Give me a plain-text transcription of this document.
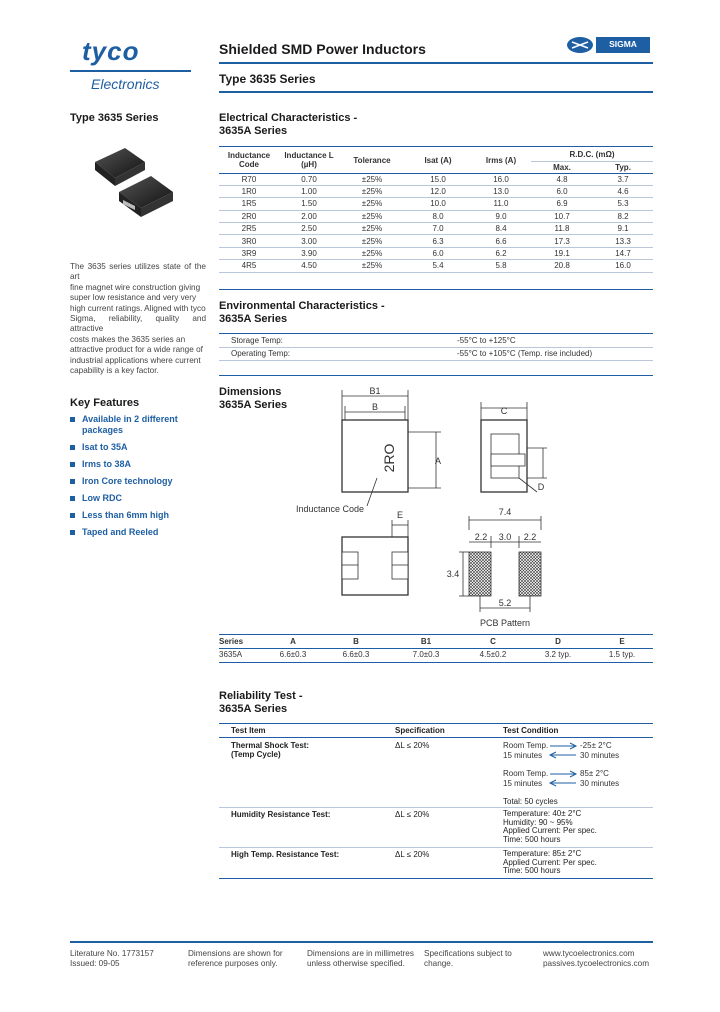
tyco
Electronics
Shielded SMD Power Inductors	SIGMA
Type 3635 Series
Type 3635 Series
The 3635 series utilizes state of the art
fine magnet wire construction giving
super low resistance and very very
high current ratings. Aligned with tyco
Sigma, reliability, quality and attractive
costs makes the 3635 series an
attractive product for a wide range of
industrial applications where current
capability is a key factor.
Key Features
Available in 2 different packages
Isat to 35A
Irms to 38A
Iron Core technology
Low RDC
Less than 6mm high
Taped and Reeled
Electrical Characteristics -
3635A Series
Inductance Code	Inductance L (µH)	Tolerance	Isat (A)	Irms (A)	R.D.C. (mΩ)	
					Max.	Typ.
R70	0.70	±25%	15.0	16.0	4.8	3.7
1R0	1.00	±25%	12.0	13.0	6.0	4.6
1R5	1.50	±25%	10.0	11.0	6.9	5.3
2R0	2.00	±25%	8.0	9.0	10.7	8.2
2R5	2.50	±25%	7.0	8.4	11.8	9.1
3R0	3.00	±25%	6.3	6.6	17.3	13.3
3R9	3.90	±25%	6.0	6.2	19.1	14.7
4R5	4.50	±25%	5.4	5.8	20.8	16.0
Environmental Characteristics -
3635A Series
Storage Temp:	-55°C to +125°C
Operating Temp:	-55°C to +105°C (Temp. rise included)
Dimensions
3635A Series
B1
B
A
2RO
Inductance Code
C
D
E	7.4
2.2 3.0 2.2
3.4
5.2
PCB Pattern
Series	A	B	B1	C	D	E
3635A	6.6±0.3	6.6±0.3	7.0±0.3	4.5±0.2	3.2 typ.	1.5 typ.
Reliability Test -
3635A Series
Test Item	Specification	Test Condition
Thermal Shock Test:
(Temp Cycle)
ΔL ≤ 20%	Room Temp.	-25± 2°C
15 minutes	30 minutes
Room Temp.	85± 2°C
15 minutes	30 minutes
Total: 50 cycles
Humidity Resistance Test:	ΔL ≤ 20%	Temperature: 40± 2°C
Humidity: 90 ~ 95%
Applied Current: Per spec.
Time: 500 hours
High Temp. Resistance Test:	ΔL ≤ 20%	Temperature: 85± 2°C
Applied Current: Per spec.
Time: 500 hours
Literature No. 1773157
Issued: 09-05
Dimensions are shown for
reference purposes only.
Dimensions are in millimetres
unless otherwise specified.
Specifications subject to
change.
www.tycoelectronics.com
passives.tycoelectronics.com
